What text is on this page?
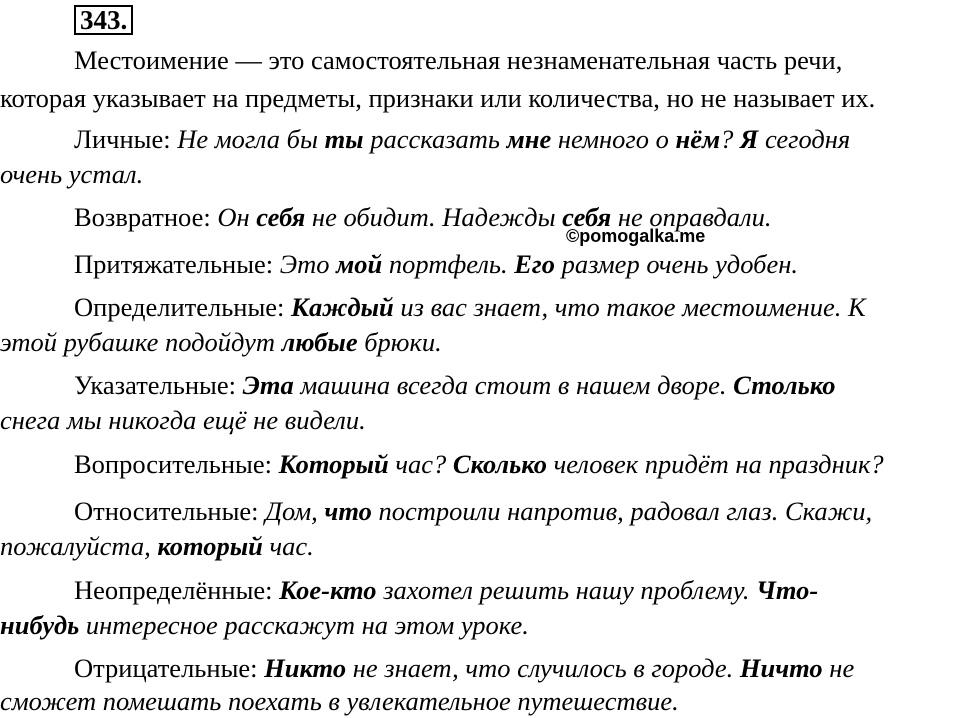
343.
Местоимение — это самостоятельная незнаменательная часть речи,
которая указывает на предметы, признаки или количества, но не называет их.
Личные: Не могла бы ты рассказать мне немного о нём? Я сегодня
очень устал.
Возвратное: Он себя не обидит. Надежды себя не оправдали.
©pomogalka.me
Притяжательные: Это мой портфель. Его размер очень удобен.
Определительные: Каждый из вас знает, что такое местоимение. К
этой рубашке подойдут любые брюки.
Указательные: Эта машина всегда стоит в нашем дворе. Столько
снега мы никогда ещё не видели.
Вопросительные: Который час? Сколько человек придёт на праздник?
Относительные: Дом, что построили напротив, радовал глаз. Скажи,
пожалуйста, который час.
Неопределённые: Кое-кто захотел решить нашу проблему. Что-
нибудь интересное расскажут на этом уроке.
Отрицательные: Никто не знает, что случилось в городе. Ничто не
сможет помешать поехать в увлекательное путешествие.
